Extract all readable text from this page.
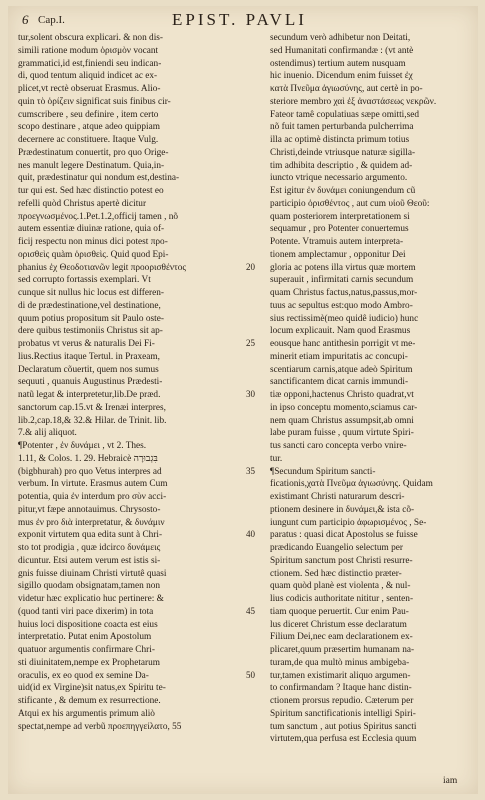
6 Cap.I.	EPIST. PAVLI
tur,solent obscura explicari. & non dis-
simili ratione modum ὁρισμὸν vocant
grammatici,id est,finiendi seu indican-
di, quod tentum aliquid indicet ac ex-
plicet,vt rectè obseruat Erasmus. Alio-
quin τὸ ὁρίζειν significat suis finibus cir-
cumscribere , seu definire , item certo
scopo destinare , atque adeo quippiam
decernere ac constituere. Itaque Vulg.
Prædestinatum conuertit, pro quo Orige-
nes manult legere Destinatum. Quia,in-
quit, prædestinatur qui nondum est,destina-
tur qui est. Sed hæc distinctio potest eo
refelli quòd Christus apertè dicitur
προεγνωσμένος.1.Pet.1.2,officij tamen , nõ
autem essentiæ diuinæ ratione, quia of-
ficij respectu non minus dici potest προ-
ορισθεὶς quàm ὁρισθεὶς. Quid quod Epi-
phanius ἐχ Θεοδοτιανῶν legit προορισθέντος
sed corrupto fortassis exemplari. Vt
cunque sit nullus hic locus est differen-
di de prædestinatione,vel destinatione,
quum potius propositum sit Paulo oste-
dere quibus testimoniis Christus sit ap-
probatus vt verus & naturalis Dei Fi-
lius.Rectius itaque Tertul. in Praxeam,
Declaratum cõuertit, quem nos sumus
sequuti , quanuis Augustinus Prædesti-
natũ legat & interpretetur,lib.De præd.
sanctorum cap.15.vt & Irenæi interpres,
lib.2,cap.18,& 32.& Hilar. de Trinit. lib.
7.& alij aliquot.
¶Potenter , ἐν δυνάμει , vt 2. Thes.
1.11, & Colos. 1. 29. Hebraicè בִּגְבוּרָה
(bigbhurah) pro quo Vetus interpres ad
verbum. In virtute. Erasmus autem Cum
potentia, quia ἐν interdum pro σὺν acci-
pitur,vt fæpe annotauimus. Chrysosto-
mus ἐν pro διὰ interpretatur, & δυνάμιν
exponit virtutem qua edita sunt à Chri-
sto tot prodigia , quæ idcirco δυνάμεις
dicuntur. Etsi autem verum est istis si-
gnis fuisse diuinam Christi virtutê quasi
sigillo quodam obsignatam,tamen non
videtur hæc explicatio huc pertinere: &
(quod tanti viri pace dixerim) in tota
huius loci dispositione coacta est eius
interpretatio. Putat enim Apostolum
quatuor argumentis confirmare Chri-
sti diuinitatem,nempe ex Prophetarum
oraculis, ex eo quod ex semine Da-
uid(id ex Virgine)sit natus,ex Spiritu te-
stificante , & demum ex resurrectione.
Atqui ex his argumentis primum aliò
spectat,nempe ad verbũ προεπηγγείλατο, 55
20
25
30
35
40
45
50
secundum verò adhibetur non Deitati,
sed Humanitati confirmandæ : (vt antè
ostendimus) tertium autem nusquam
hic inuenio. Dicendum enim fuisset ἐχ
κατὰ Πνεῦμα ἁγιωσύνης, aut certè in po-
steriore membro χαὶ ἐξ ἀναστάσεως νεκρῶν.
Fateor tamê copulatiuas sæpe omitti,sed
nõ fuit tamen perturbanda pulcherrima
illa ac optimè distincta primum totius
Christi,deinde vtriusque naturæ sigilla-
tim adhibita descriptio , & quidem ad-
iuncto vtrique necessario argumento.
Est igitur ἐν δυνάμει coniungendum cũ
participio ὁρισθέντος , aut cum υἱοῦ Θεοῦ:
quam posteriorem interpretationem si
sequamur , pro Potenter conuertemus
Potente. Vtramuis autem interpreta-
tionem amplectamur , opponitur Dei
gloria ac potens illa virtus quæ mortem
superauit , infirmitati carnis secundum
quam Christus factus,natus,passus,mor-
tuus ac sepultus est:quo modo Ambro-
sius rectissimè(meo quidê iudicio) hunc
locum explicauit. Nam quod Erasmus
eousque hanc antithesin porrigit vt me-
minerit etiam impuritatis ac concupi-
scentiarum carnis,atque adeò Spiritum
sanctificantem dicat carnis immundi-
tiæ opponi,hactenus Christo quadrat,vt
in ipso conceptu momento,sciamus car-
nem quam Christus assumpsit,ab omni
labe puram fuisse , quum virtute Spiri-
tus sancti caro concepta verbo vnire-
tur.
¶Secundum Spiritum sancti-
ficationis,χατὰ Πνεῦμα ἁγιωσύνης. Quidam
existimant Christi naturarum descri-
ptionem desinere in δυνάμει,& ista cõ-
iungunt cum participio ἀφωρισμένος , Se-
paratus : quasi dicat Apostolus se fuisse
prædicando Euangelio selectum per
Spiritum sanctum post Christi resurre-
ctionem. Sed hæc distinctio præter-
quam quòd planè est violenta , & nul-
lius codicis authoritate nititur , senten-
tiam quoque peruertit. Cur enim Pau-
lus diceret Christum esse declaratum
Filium Dei,nec eam declarationem ex-
plicaret,quum præsertim humanam na-
turam,de qua multò minus ambigeba-
tur,tamen existimarit aliquo argumen-
to confirmandam ? Itaque hanc distin-
ctionem prorsus repudio. Cæterum per
Spiritum sanctificationis intelligi Spiri-
tum sanctum , aut potius Spiritus sancti
virtutem,qua perfusa est Ecclesia quum
iam
